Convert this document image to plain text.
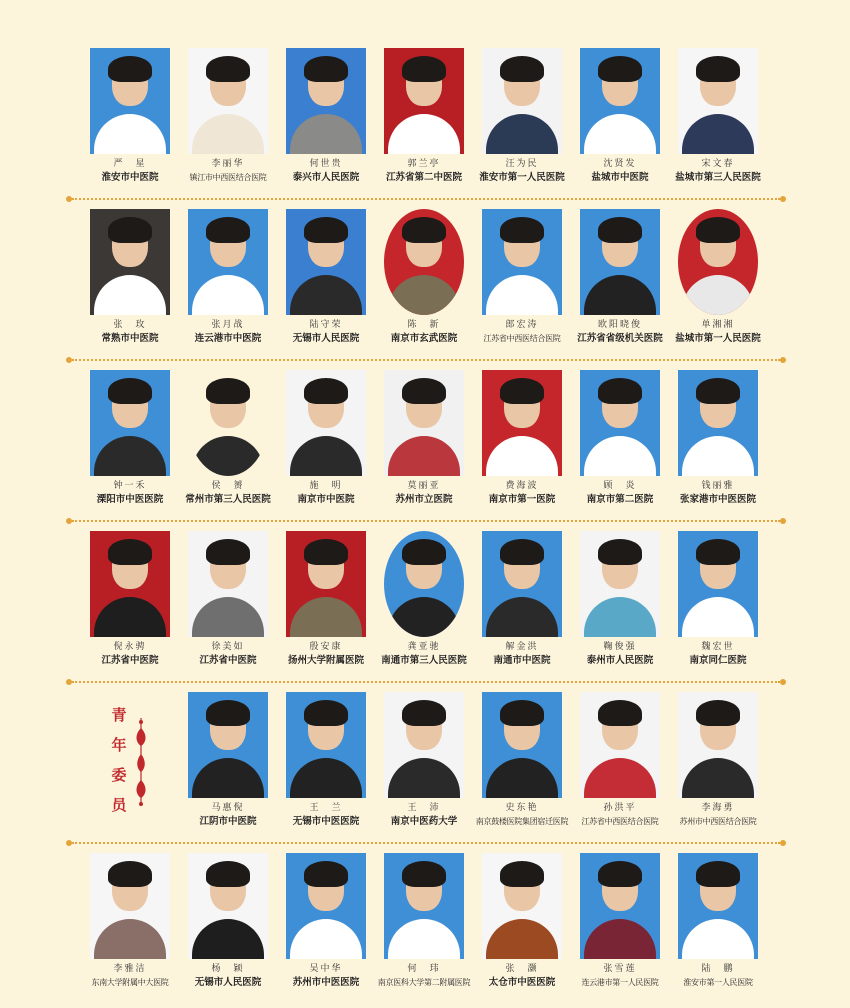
严　星
淮安市中医院
李丽华
镇江市中西医结合医院
何世贵
泰兴市人民医院
郭兰亭
江苏省第二中医院
汪为民
淮安市第一人民医院
沈贤发
盐城市中医院
宋文春
盐城市第三人民医院
张　玫
常熟市中医院
张月战
连云港市中医院
陆守荣
无锡市人民医院
陈　新
南京市玄武医院
郎宏涛
江苏省中西医结合医院
欧阳晓俊
江苏省省级机关医院
单湘湘
盐城市第一人民医院
钟一禾
溧阳市中医医院
侯　赟
常州市第三人民医院
施　明
南京市中医院
莫丽亚
苏州市立医院
费海波
南京市第一医院
顾　炎
南京市第二医院
钱丽雅
张家港市中医医院
倪永骋
江苏省中医院
徐美如
江苏省中医院
殷安康
扬州大学附属医院
龚亚驰
南通市第三人民医院
解金洪
南通市中医院
鞠俊强
泰州市人民医院
魏宏世
南京同仁医院
马惠倪
江阴市中医院
王　兰
无锡市中医医院
王　沛
南京中医药大学
史东艳
南京鼓楼医院集团宿迁医院
孙洪平
江苏省中西医结合医院
李海勇
苏州市中西医结合医院
李雅洁
东南大学附属中大医院
杨　颖
无锡市人民医院
吴中华
苏州市中医医院
何　玮
南京医科大学第二附属医院
张　灏
太仓市中医医院
张雪莲
连云港市第一人民医院
陆　鹏
淮安市第一人民医院
青
年
委
员
